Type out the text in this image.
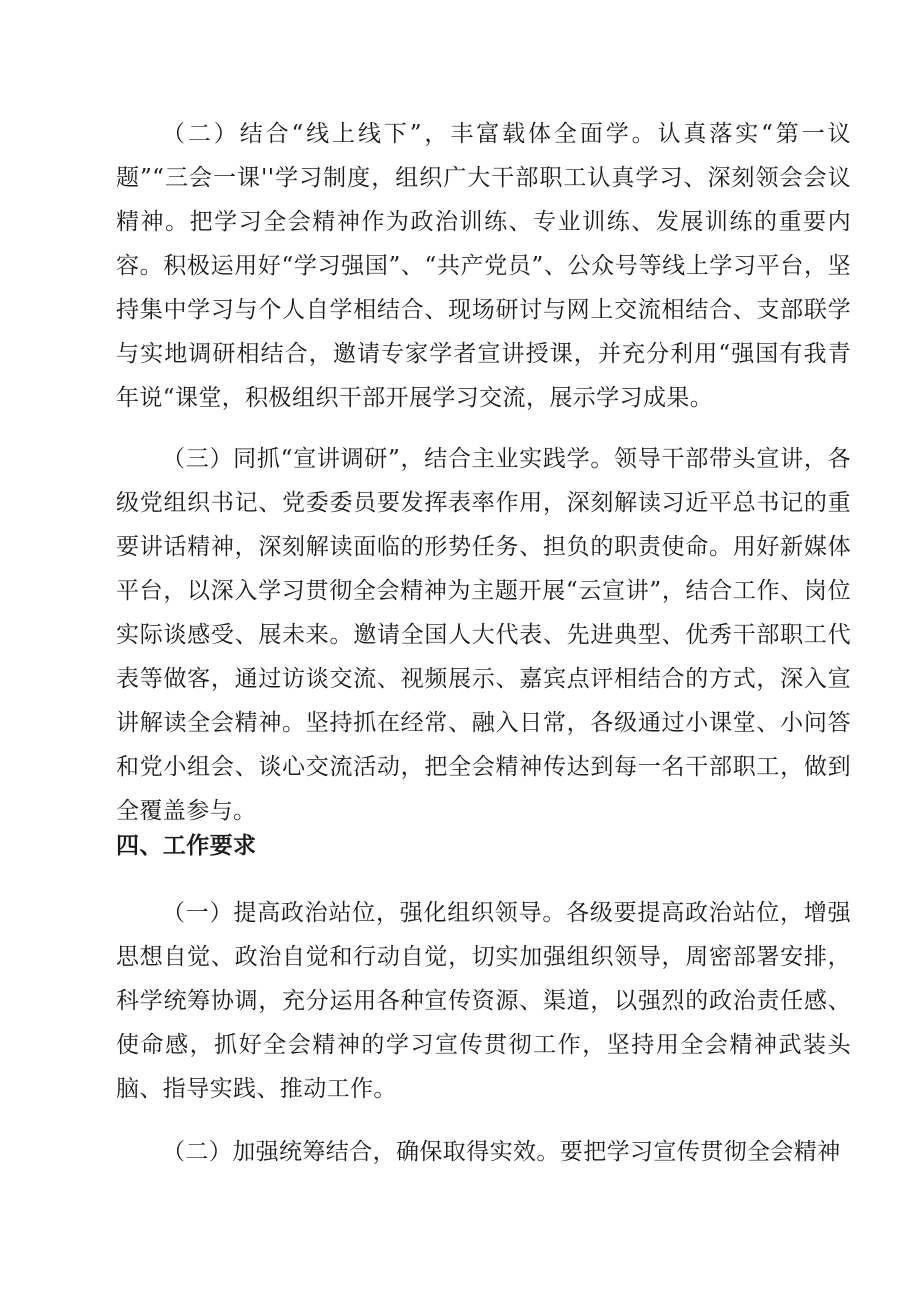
（二）结合“线上线下”，丰富载体全面学。认真落实“第一议题”“三会一课''学习制度，组织广大干部职工认真学习、深刻领会会议精神。把学习全会精神作为政治训练、专业训练、发展训练的重要内容。积极运用好“学习强国”、“共产党员”、公众号等线上学习平台，坚持集中学习与个人自学相结合、现场研讨与网上交流相结合、支部联学与实地调研相结合，邀请专家学者宣讲授课，并充分利用“强国有我青年说“课堂，积极组织干部开展学习交流，展示学习成果。

（三）同抓“宣讲调研”，结合主业实践学。领导干部带头宣讲，各级党组织书记、党委委员要发挥表率作用，深刻解读习近平总书记的重要讲话精神，深刻解读面临的形势任务、担负的职责使命。用好新媒体平台，以深入学习贯彻全会精神为主题开展“云宣讲”，结合工作、岗位实际谈感受、展未来。邀请全国人大代表、先进典型、优秀干部职工代表等做客，通过访谈交流、视频展示、嘉宾点评相结合的方式，深入宣讲解读全会精神。坚持抓在经常、融入日常，各级通过小课堂、小问答和党小组会、谈心交流活动，把全会精神传达到每一名干部职工，做到全覆盖参与。

四、工作要求

（一）提高政治站位，强化组织领导。各级要提高政治站位，增强思想自觉、政治自觉和行动自觉，切实加强组织领导，周密部署安排，科学统筹协调，充分运用各种宣传资源、渠道，以强烈的政治责任感、使命感，抓好全会精神的学习宣传贯彻工作，坚持用全会精神武装头脑、指导实践、推动工作。

（二）加强统筹结合，确保取得实效。要把学习宣传贯彻全会精神
